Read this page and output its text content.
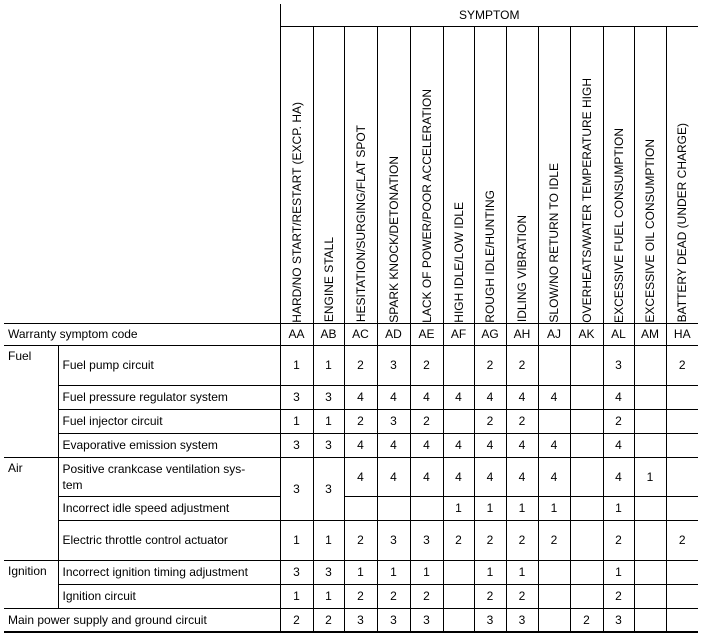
		SYMPTOM												

		HARD/NO START/RESTART (EXCP. HA)	ENGINE STALL	HESITATION/SURGING/FLAT SPOT	SPARK KNOCK/DETONATION	LACK OF POWER/POOR ACCELERATION	HIGH IDLE/LOW IDLE	ROUGH IDLE/HUNTING	IDLING VIBRATION	SLOW/NO RETURN TO IDLE	OVERHEATS/WATER TEMPERATURE HIGH	EXCESSIVE FUEL CONSUMPTION	EXCESSIVE OIL CONSUMPTION	BATTERY DEAD (UNDER CHARGE)

Warranty symptom code		AA	AB	AC	AD	AE	AF	AG	AH	AJ	AK	AL	AM	HA
Fuel	Fuel pump circuit	1	1	2	3	2		2	2			3		2
	Fuel pressure regulator system	3	3	4	4	4	4	4	4	4		4		
	Fuel injector circuit	1	1	2	3	2		2	2			2		
	Evaporative emission system	3	3	4	4	4	4	4	4	4		4		
Air	Positive crankcase ventilation sys-
tem	3	3	4	4	4	4	4	4	4		4	1	
	Incorrect idle speed adjustment						1	1	1	1		1		
	Electric throttle control actuator	1	1	2	3	3	2	2	2	2		2		2
Ignition	Incorrect ignition timing adjustment	3	3	1	1	1		1	1			1		
	Ignition circuit	1	1	2	2	2		2	2			2		
Main power supply and ground circuit		2	2	3	3	3		3	3		2	3		
